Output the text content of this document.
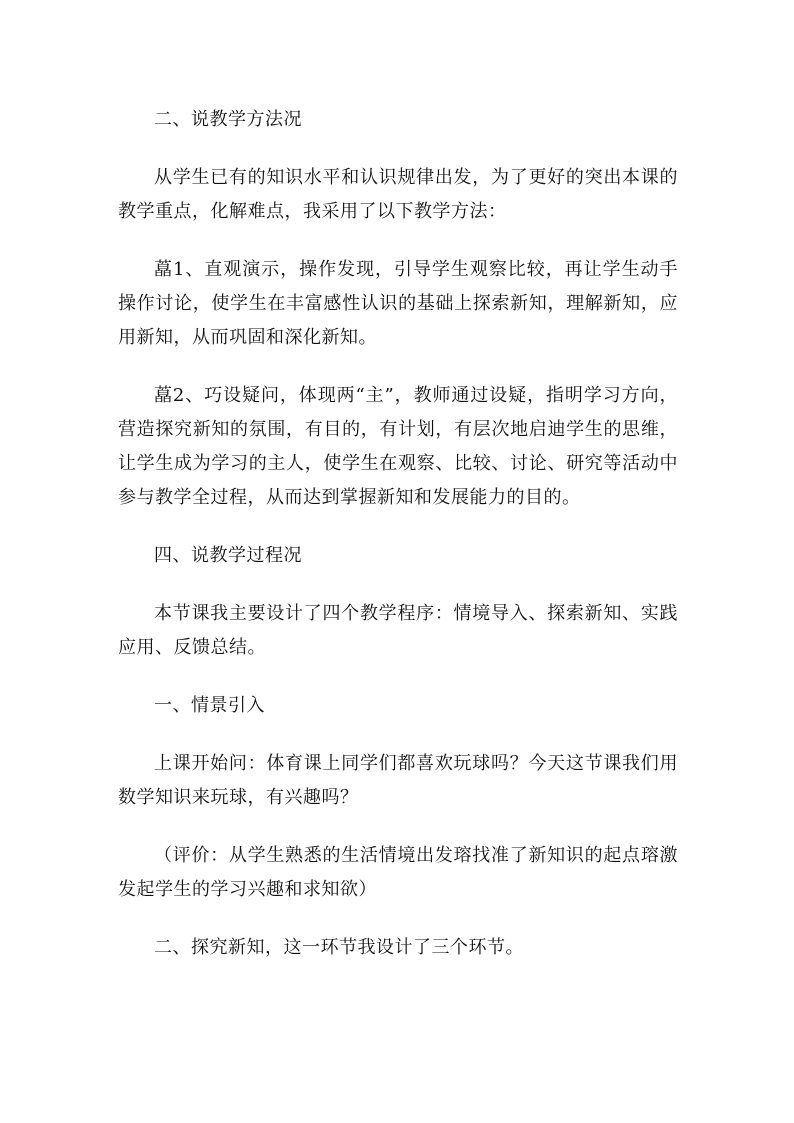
二、说教学方法况

从学生已有的知识水平和认识规律出发，为了更好的突出本课的教学重点，化解难点，我采用了以下教学方法：

藠1、直观演示，操作发现，引导学生观察比较，再让学生动手操作讨论，使学生在丰富感性认识的基础上探索新知，理解新知，应用新知，从而巩固和深化新知。

藠2、巧设疑问，体现两“主”，教师通过设疑，指明学习方向，营造探究新知的氛围，有目的，有计划，有层次地启迪学生的思维，让学生成为学习的主人，使学生在观察、比较、讨论、研究等活动中参与教学全过程，从而达到掌握新知和发展能力的目的。

四、说教学过程况

本节课我主要设计了四个教学程序：情境导入、探索新知、实践应用、反馈总结。

一、情景引入

上课开始问：体育课上同学们都喜欢玩球吗？今天这节课我们用数学知识来玩球，有兴趣吗？

（评价：从学生熟悉的生活情境出发瑢找准了新知识的起点瑢激发起学生的学习兴趣和求知欲）

二、探究新知，这一环节我设计了三个环节。
